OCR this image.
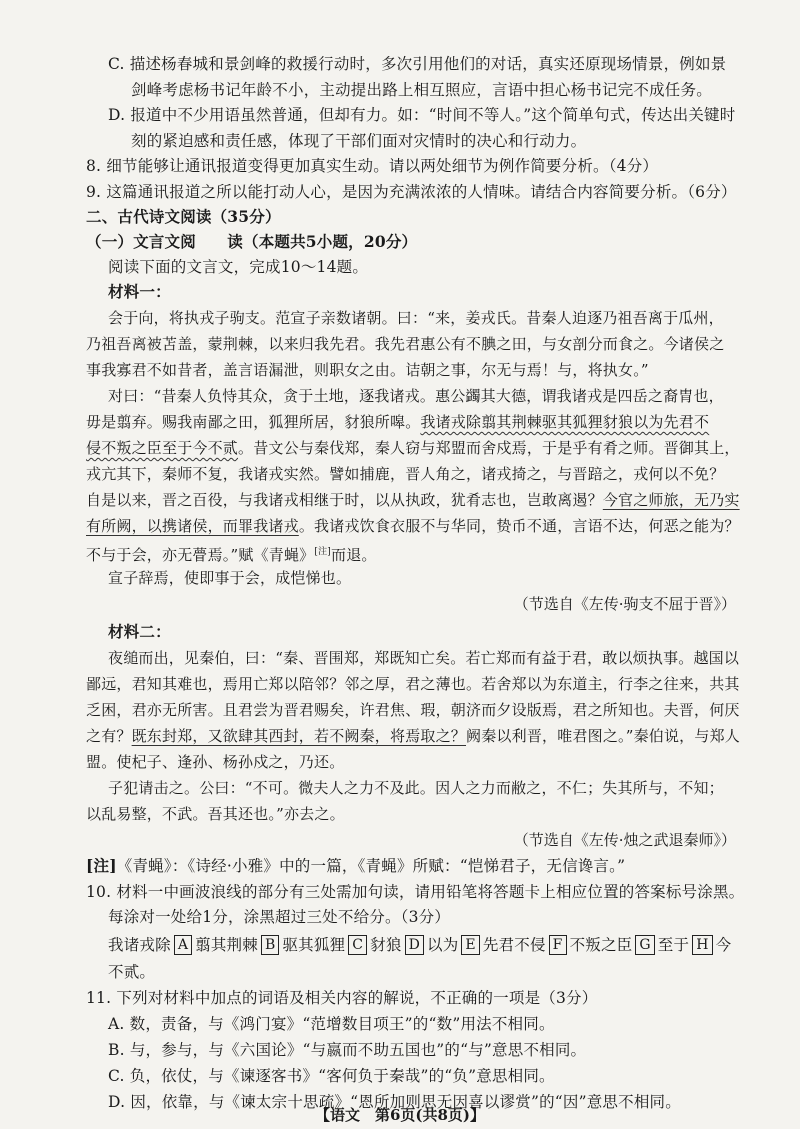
C. 描述杨春城和景剑峰的救援行动时，多次引用他们的对话，真实还原现场情景，例如景
剑峰考虑杨书记年龄不小，主动提出路上相互照应，言语中担心杨书记完不成任务。
D. 报道中不少用语虽然普通，但却有力。如：“时间不等人。”这个简单句式，传达出关键时
刻的紧迫感和责任感，体现了干部们面对灾情时的决心和行动力。
8. 细节能够让通讯报道变得更加真实生动。请以两处细节为例作简要分析。（4分）
9. 这篇通讯报道之所以能打动人心，是因为充满浓浓的人情味。请结合内容简要分析。（6分）
二、古代诗文阅读（35分）
（一）文言文阅　　读（本题共5小题，20分）
阅读下面的文言文，完成10～14题。
材料一：
会于向，将执戎子驹支。范宣子亲数诸朝。曰：“来，姜戎氏。昔秦人迫逐乃祖吾离于瓜州，
乃祖吾离被苫盖，蒙荆棘，以来归我先君。我先君惠公有不腆之田，与女剖分而食之。今诸侯之
事我寡君不如昔者，盖言语漏泄，则职女之由。诘朝之事，尔无与焉！与，将执女。”
对曰：“昔秦人负恃其众，贪于土地，逐我诸戎。惠公蠲其大德，谓我诸戎是四岳之裔胄也，
毋是翦弃。赐我南鄙之田，狐狸所居，豺狼所嗥。我诸戎除翦其荆棘驱其狐狸豺狼以为先君不
侵不叛之臣至于今不贰。昔文公与秦伐郑，秦人窃与郑盟而舍戍焉，于是乎有肴之师。晋御其上，
戎亢其下，秦师不复，我诸戎实然。譬如捕鹿，晋人角之，诸戎掎之，与晋踣之，戎何以不免？
自是以来，晋之百役，与我诸戎相继于时，以从执政，犹肴志也，岂敢离遏？今官之师旅，无乃实
有所阙，以携诸侯，而罪我诸戎。我诸戎饮食衣服不与华同，贽币不通，言语不达，何恶之能为？
不与于会，亦无瞢焉。”赋《青蝇》[注]而退。
宣子辞焉，使即事于会，成恺悌也。
（节选自《左传·驹支不屈于晋》）
材料二：
夜缒而出，见秦伯，曰：“秦、晋围郑，郑既知亡矣。若亡郑而有益于君，敢以烦执事。越国以
鄙远，君知其难也，焉用亡郑以陪邻？邻之厚，君之薄也。若舍郑以为东道主，行李之往来，共其
乏困，君亦无所害。且君尝为晋君赐矣，许君焦、瑕，朝济而夕设版焉，君之所知也。夫晋，何厌
之有？既东封郑，又欲肆其西封，若不阙秦，将焉取之？阙秦以利晋，唯君图之。”秦伯说，与郑人
盟。使杞子、逢孙、杨孙戍之，乃还。
子犯请击之。公曰：“不可。微夫人之力不及此。因人之力而敝之，不仁；失其所与，不知；
以乱易整，不武。吾其还也。”亦去之。
（节选自《左传·烛之武退秦师》）
[注]《青蝇》：《诗经·小雅》中的一篇，《青蝇》所赋：“恺悌君子，无信谗言。”
10. 材料一中画波浪线的部分有三处需加句读，请用铅笔将答题卡上相应位置的答案标号涂黑。
每涂对一处给1分，涂黑超过三处不给分。（3分）
我诸戎除 A 翦其荆棘 B 驱其狐狸 C 豺狼 D 以为 E 先君不侵 F 不叛之臣 G 至于 H 今
不贰。
11. 下列对材料中加点的词语及相关内容的解说，不正确的一项是（3分）
A. 数，责备，与《鸿门宴》“范增数目项王”的“数”用法不相同。
B. 与，参与，与《六国论》“与嬴而不助五国也”的“与”意思不相同。
C. 负，依仗，与《谏逐客书》“客何负于秦哉”的“负”意思相同。
D. 因，依靠，与《谏太宗十思疏》“恩所加则思无因喜以谬赏”的“因”意思不相同。
【语文　第6页(共8页)】
